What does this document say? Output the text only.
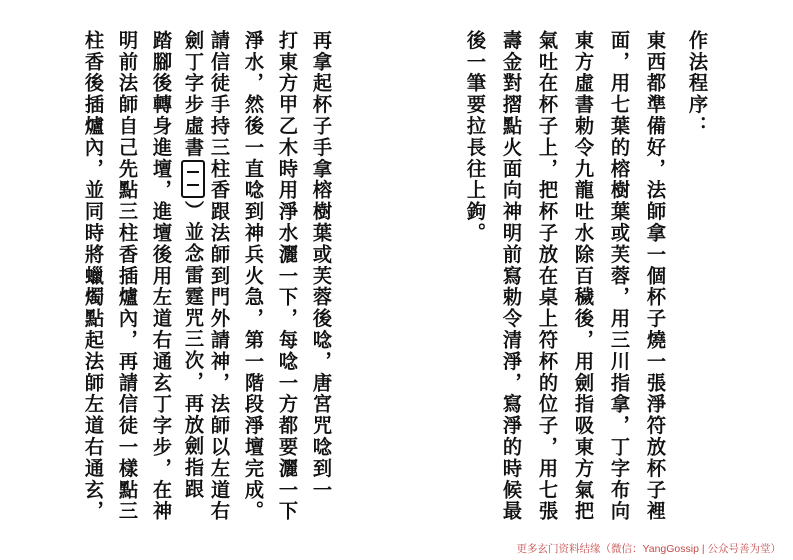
作法程序：
東西都準備好，法師拿一個杯子燒一張淨符放杯子裡
面，用七葉的榕樹葉或芙蓉，用三川指拿，丁字布向
東方虛書勅令九龍吐水除百穢後，用劍指吸東方氣把
氣吐在杯子上，把杯子放在桌上符杯的位子，用七張
壽金對摺點火面向神明前寫勅令清淨，寫淨的時候最
後一筆要拉長往上鉤。
再拿起杯子手拿榕樹葉或芙蓉後唸，唐宮咒唸到一
打東方甲乙木時用淨水灑一下，每唸一方都要灑一下
淨水，然後一直唸到神兵火急，第一階段淨壇完成。
請信徒手持三柱香跟法師到門外請神，法師以左道右
劍丁字步虛書）並念雷霆咒三次，再放劍指跟
踏腳後轉身進壇，進壇後用左道右通玄丁字步，在神
明前法師自己先點三柱香插爐內，再請信徒一樣點三
柱香後插爐內，並同時將蠟燭點起法師左道右通玄，
更多玄门资料结缘（微信：YangGossip | 公众号善为堂）
